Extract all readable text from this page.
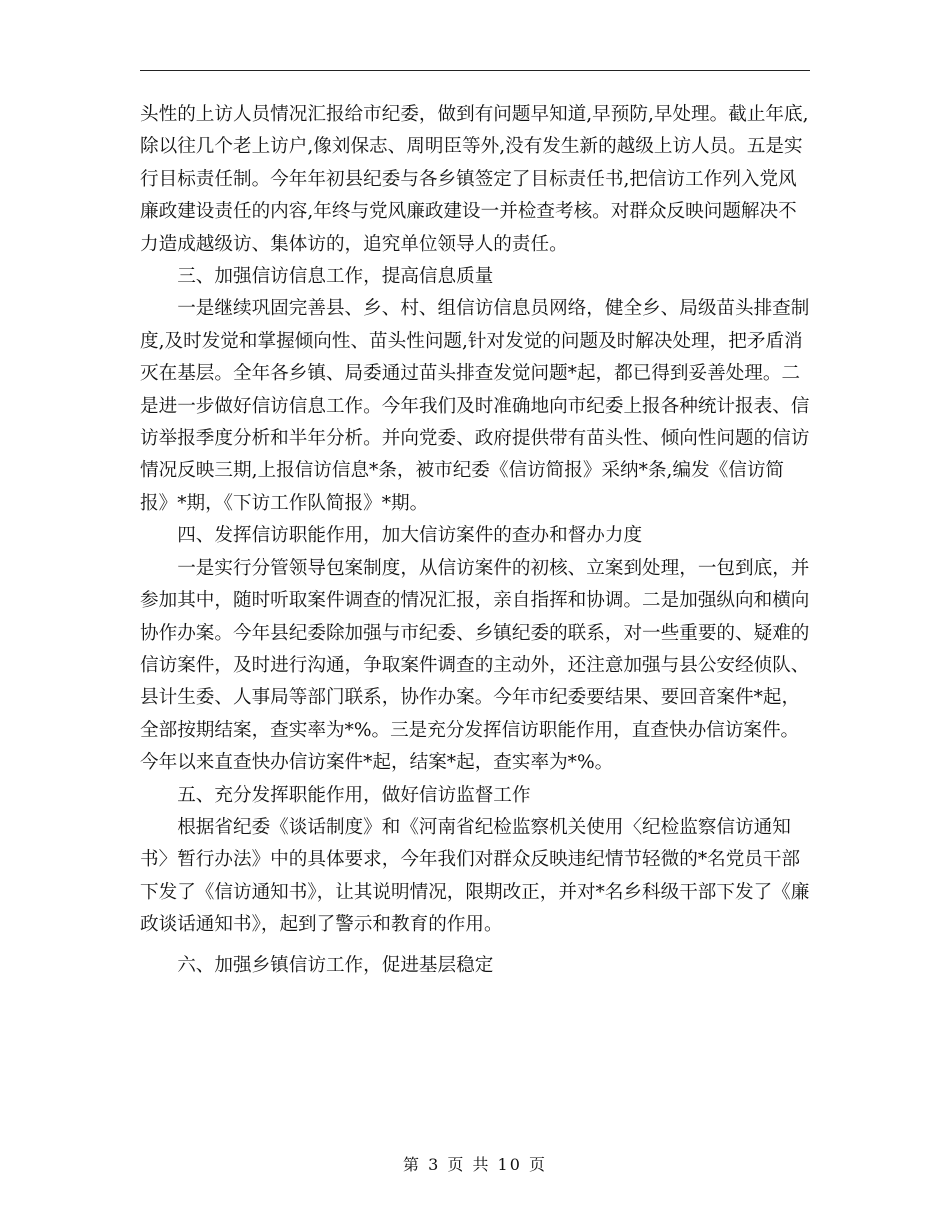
头性的上访人员情况汇报给市纪委，做到有问题早知道,早预防,早处理。截止年底,除以往几个老上访户,像刘保志、周明臣等外,没有发生新的越级上访人员。五是实行目标责任制。今年年初县纪委与各乡镇签定了目标责任书,把信访工作列入党风廉政建设责任的内容,年终与党风廉政建设一并检查考核。对群众反映问题解决不力造成越级访、集体访的，追究单位领导人的责任。

三、加强信访信息工作，提高信息质量

一是继续巩固完善县、乡、村、组信访信息员网络，健全乡、局级苗头排查制度,及时发觉和掌握倾向性、苗头性问题,针对发觉的问题及时解决处理，把矛盾消灭在基层。全年各乡镇、局委通过苗头排查发觉问题*起，都已得到妥善处理。二是进一步做好信访信息工作。今年我们及时准确地向市纪委上报各种统计报表、信访举报季度分析和半年分析。并向党委、政府提供带有苗头性、倾向性问题的信访情况反映三期,上报信访信息*条，被市纪委《信访简报》采纳*条,编发《信访简报》*期，《下访工作队简报》*期。

四、发挥信访职能作用，加大信访案件的查办和督办力度

一是实行分管领导包案制度，从信访案件的初核、立案到处理，一包到底，并参加其中，随时听取案件调查的情况汇报，亲自指挥和协调。二是加强纵向和横向协作办案。今年县纪委除加强与市纪委、乡镇纪委的联系，对一些重要的、疑难的信访案件，及时进行沟通，争取案件调查的主动外，还注意加强与县公安经侦队、县计生委、人事局等部门联系，协作办案。今年市纪委要结果、要回音案件*起，全部按期结案，查实率为*%。三是充分发挥信访职能作用，直查快办信访案件。今年以来直查快办信访案件*起，结案*起，查实率为*%。

五、充分发挥职能作用，做好信访监督工作

根据省纪委《谈话制度》和《河南省纪检监察机关使用〈纪检监察信访通知书〉暂行办法》中的具体要求，今年我们对群众反映违纪情节轻微的*名党员干部下发了《信访通知书》，让其说明情况，限期改正，并对*名乡科级干部下发了《廉政谈话通知书》，起到了警示和教育的作用。

六、加强乡镇信访工作，促进基层稳定

第 3 页 共 10 页
